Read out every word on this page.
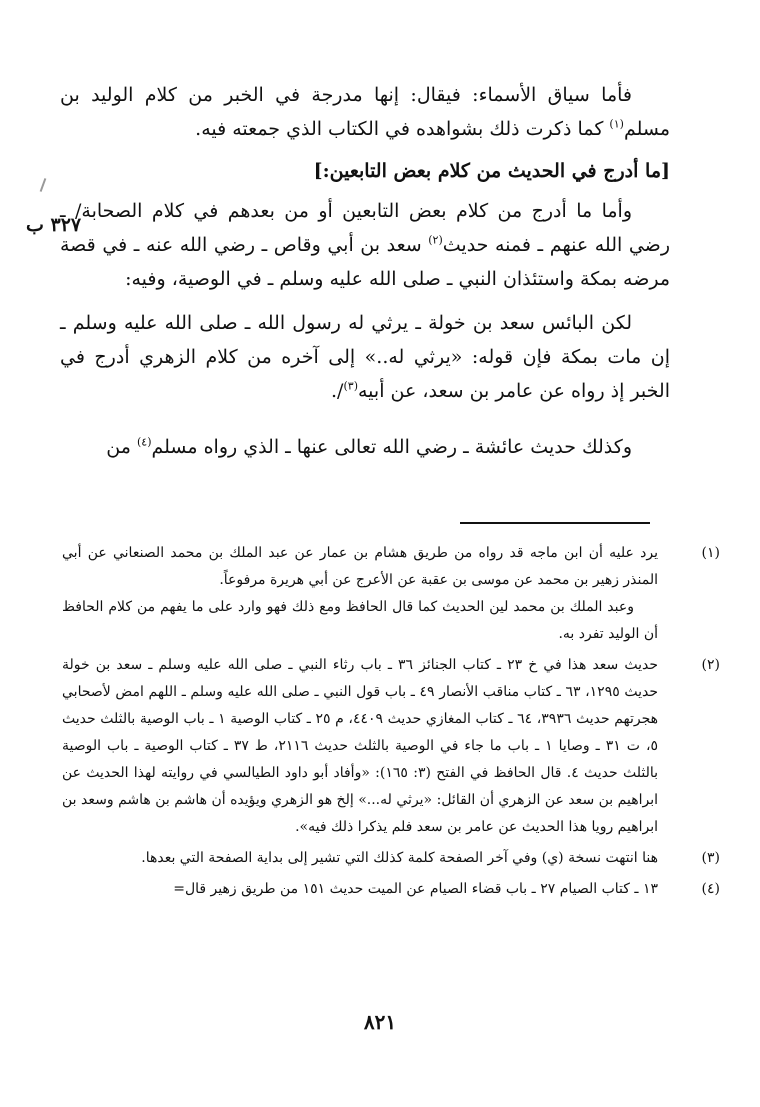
٣٢٧ ب

فأما سياق الأسماء: فيقال: إنها مدرجة في الخبر من كلام الوليد بن مسلم$^{(١)}$ كما ذكرت ذلك بشواهده في الكتاب الذي جمعته فيه.

[ما أدرج في الحديث من كلام بعض التابعين:]

وأما ما أدرج من كلام بعض التابعين أو من بعدهم في كلام الصحابة/ ـ رضي الله عنهم ـ فمنه حديث$^{(٢)}$ سعد بن أبي وقاص ـ رضي الله عنه ـ في قصة مرضه بمكة واستئذان النبي ـ صلى الله عليه وسلم ـ في الوصية، وفيه:

لكن البائس سعد بن خولة ـ يرثي له رسول الله ـ صلى الله عليه وسلم ـ إن مات بمكة فإن قوله: «يرثي له..» إلى آخره من كلام الزهري أدرج في الخبر إذ رواه عن عامر بن سعد، عن أبيه$^{(٣)}$/.

وكذلك حديث عائشة ـ رضي الله تعالى عنها ـ الذي رواه مسلم$^{(٤)}$ من

(١)

يرد عليه أن ابن ماجه قد رواه من طريق هشام بن عمار عن عبد الملك بن محمد الصنعاني عن أبي المنذر زهير بن محمد عن موسى بن عقبة عن الأعرج عن أبي هريرة مرفوعاً.

وعبد الملك بن محمد لين الحديث كما قال الحافظ ومع ذلك فهو وارد على ما يفهم من كلام الحافظ أن الوليد تفرد به.

(٢)

حديث سعد هذا في خ ٢٣ ـ كتاب الجنائز ٣٦ ـ باب رثاء النبي ـ صلى الله عليه وسلم ـ سعد بن خولة حديث ١٢٩٥، ٦٣ ـ كتاب مناقب الأنصار ٤٩ ـ باب قول النبي ـ صلى الله عليه وسلم ـ اللهم امض لأصحابي هجرتهم حديث ٣٩٣٦، ٦٤ ـ كتاب المغازي حديث ٤٤٠٩، م ٢٥ ـ كتاب الوصية ١ ـ باب الوصية بالثلث حديث ٥، ت ٣١ ـ وصايا ١ ـ باب ما جاء في الوصية بالثلث حديث ٢١١٦، ط ٣٧ ـ كتاب الوصية ـ باب الوصية بالثلث حديث ٤. قال الحافظ في الفتح (٣: ١٦٥): «وأفاد أبو داود الطيالسي في روايته لهذا الحديث عن ابراهيم بن سعد عن الزهري أن القائل: «يرثي له...» إلخ هو الزهري ويؤيده أن هاشم بن هاشم وسعد بن ابراهيم رويا هذا الحديث عن عامر بن سعد فلم يذكرا ذلك فيه».

(٣)

هنا انتهت نسخة (ي) وفي آخر الصفحة كلمة كذلك التي تشير إلى بداية الصفحة التي بعدها.

(٤)

١٣ ـ كتاب الصيام ٢٧ ـ باب قضاء الصيام عن الميت حديث ١٥١ من طريق زهير قال=

٨٢١
